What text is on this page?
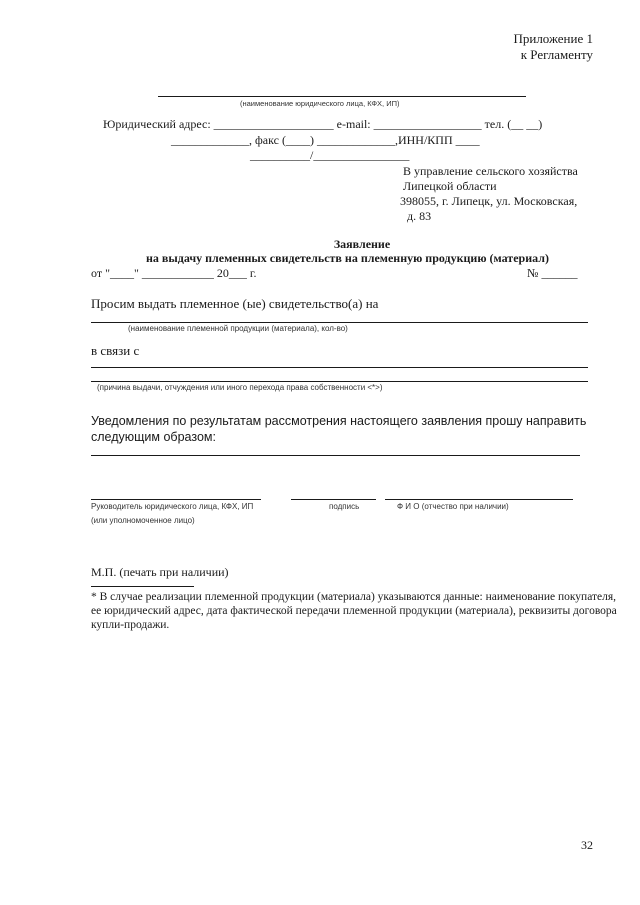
Приложение 1
к Регламенту
(наименование юридического лица, КФХ, ИП)
Юридический адрес: ____________________ e-mail: __________________ тел. (__ __)
_____________, факс (____) _____________,ИНН/КПП ____
__________/________________
В управление сельского хозяйства
Липецкой области
398055, г. Липецк, ул. Московская,
д. 83
Заявление
на выдачу племенных свидетельств на племенную продукцию (материал)
от "____" ____________ 20___ г.	№ ______
Просим выдать племенное (ые) свидетельство(а) на
(наименование племенной продукции (материала), кол-во)
в связи с
(причина выдачи, отчуждения или иного перехода права собственности <*>)
Уведомления по результатам рассмотрения настоящего заявления прошу направить
следующим образом:
Руководитель юридического лица, КФХ, ИП
(или уполномоченное лицо)
подпись	Ф И О (отчество при наличии)
М.П. (печать при наличии)
* В случае реализации племенной продукции (материала) указываются данные: наименование покупателя,
ее юридический адрес, дата фактической передачи племенной продукции (материала), реквизиты договора
купли-продажи.
32
